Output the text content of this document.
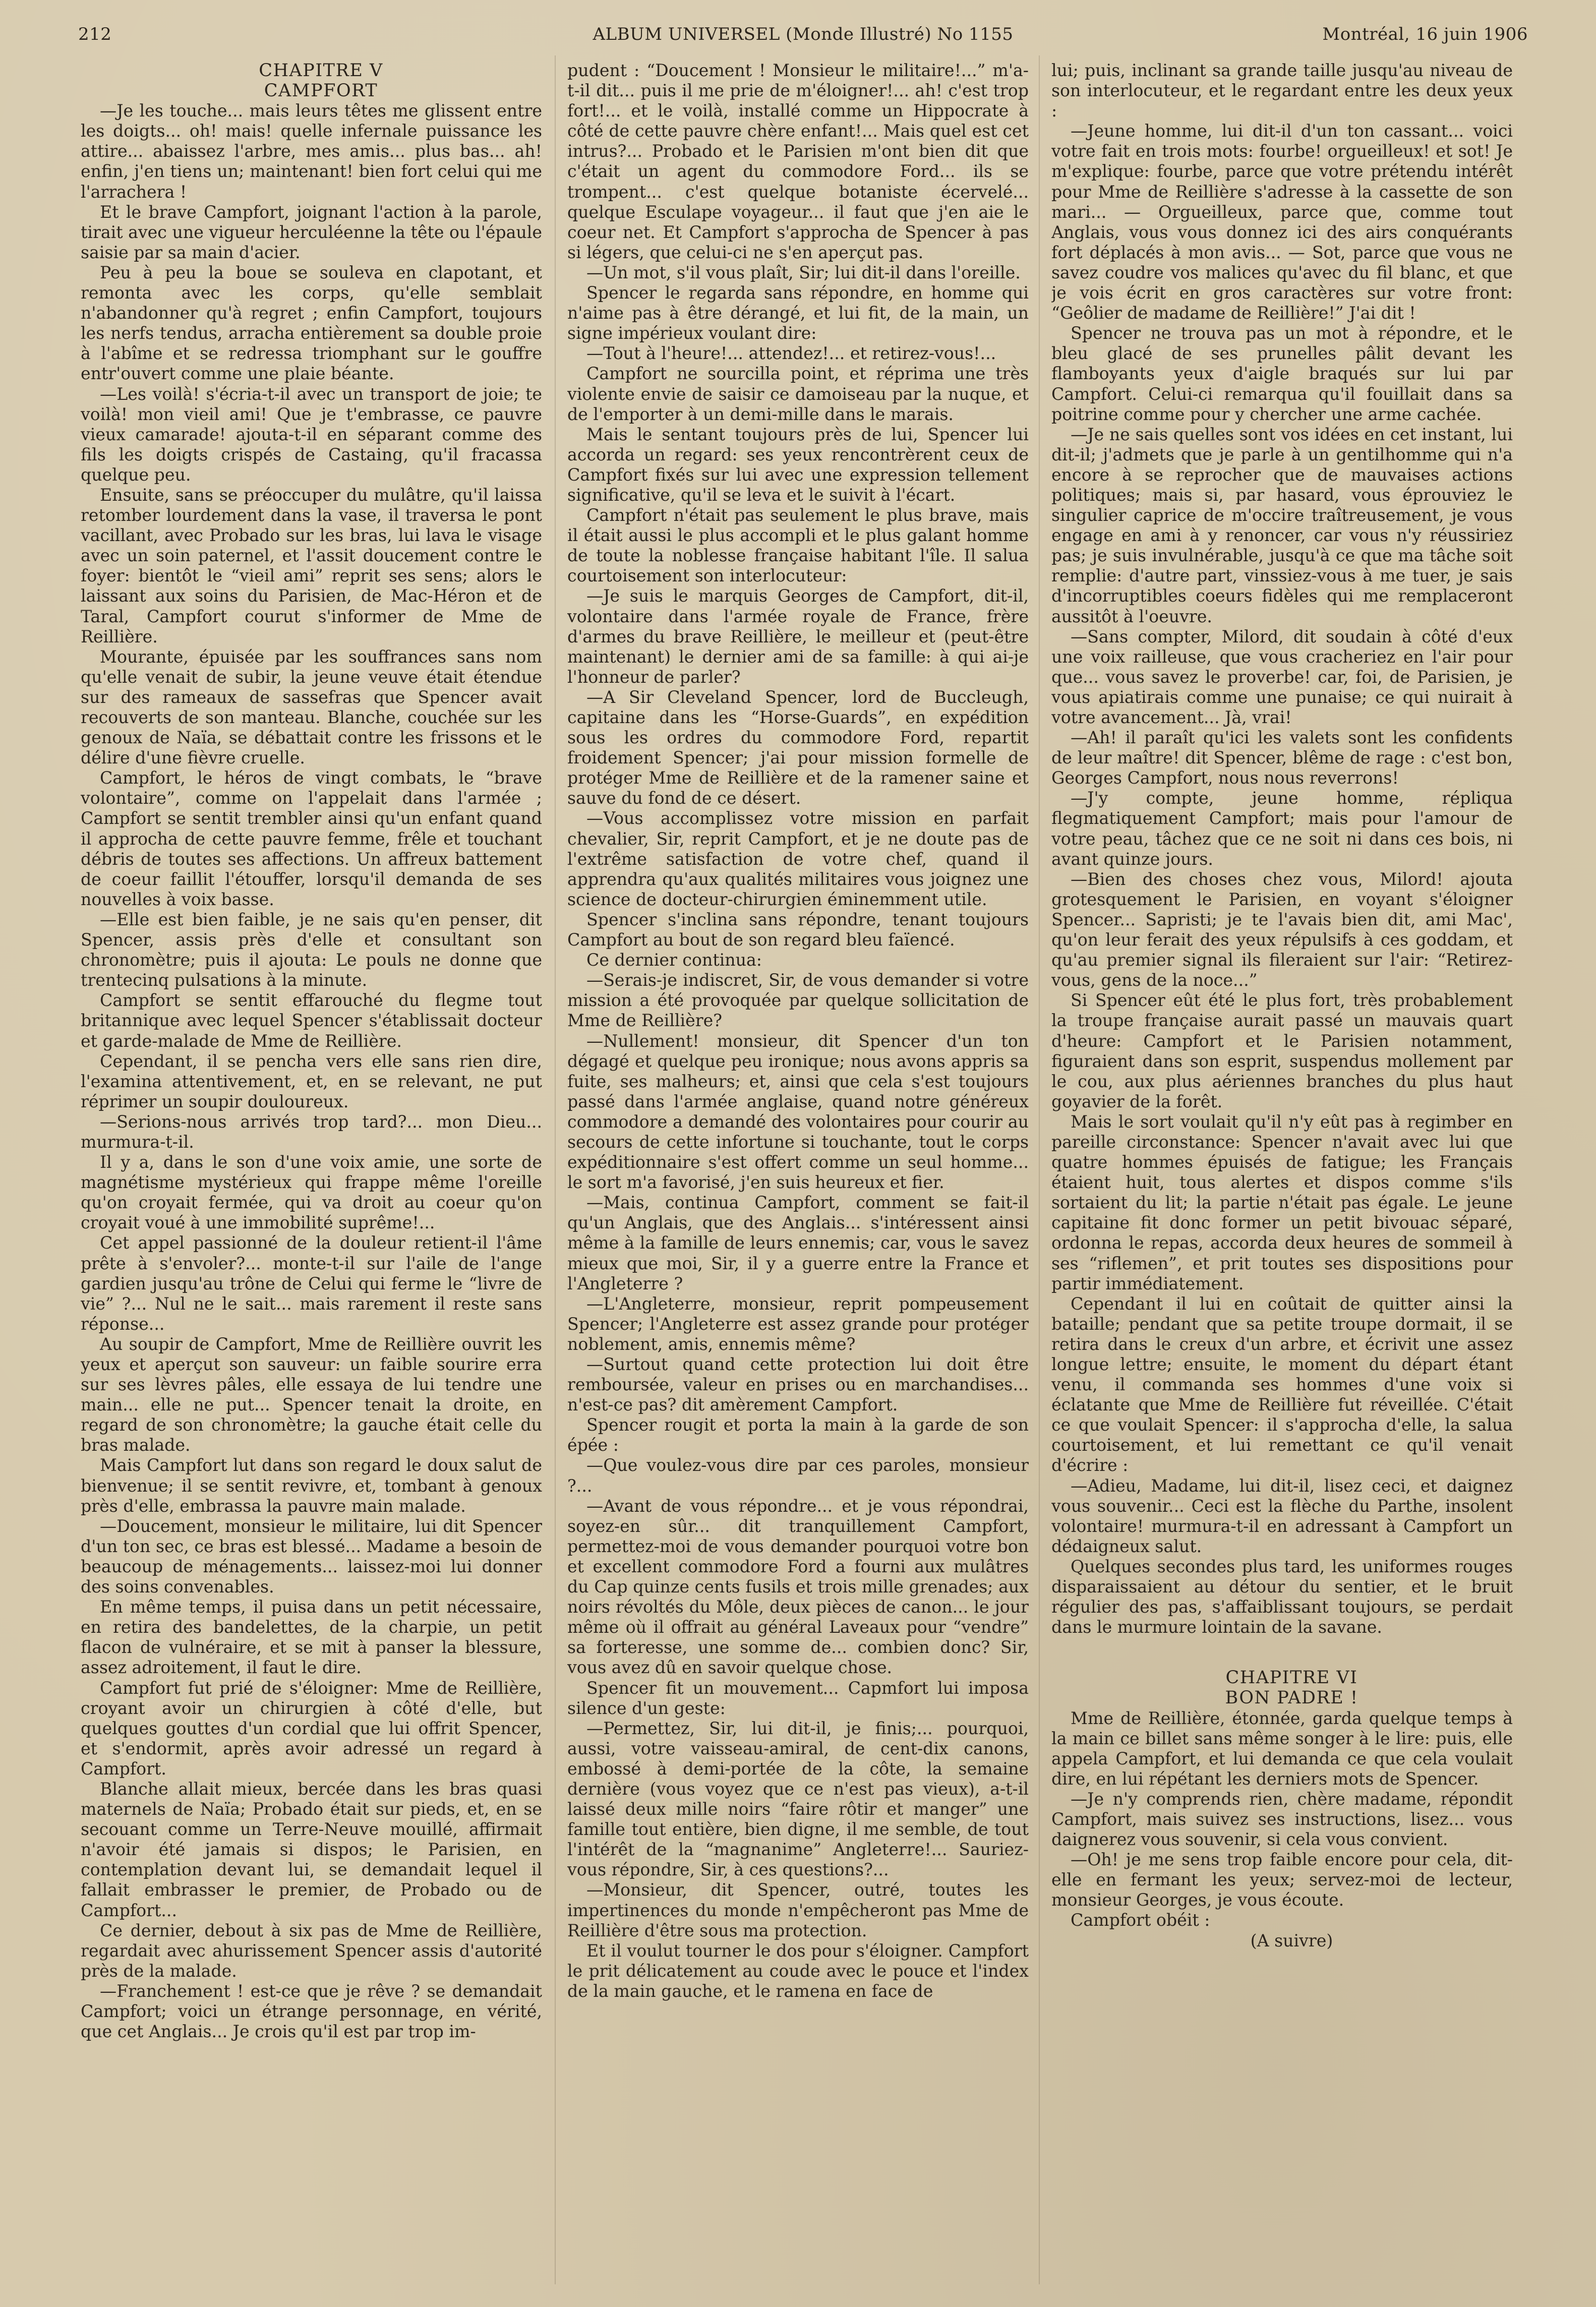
212	ALBUM UNIVERSEL (Monde Illustré) No 1155	Montréal, 16 juin 1906

CHAPITRE V

CAMPFORT

—Je les touche... mais leurs têtes me glissent entre les doigts... oh! mais! quelle infernale puissance les attire... abaissez l'arbre, mes amis... plus bas... ah! enfin, j'en tiens un; maintenant! bien fort celui qui me l'arrachera !

Et le brave Campfort, joignant l'action à la parole, tirait avec une vigueur herculéenne la tête ou l'épaule saisie par sa main d'acier.

Peu à peu la boue se souleva en clapotant, et remonta avec les corps, qu'elle semblait n'abandonner qu'à regret ; enfin Campfort, toujours les nerfs tendus, arracha entièrement sa double proie à l'abîme et se redressa triomphant sur le gouffre entr'ouvert comme une plaie béante.

—Les voilà! s'écria-t-il avec un transport de joie; te voilà! mon vieil ami! Que je t'embrasse, ce pauvre vieux camarade! ajouta-t-il en séparant comme des fils les doigts crispés de Castaing, qu'il fracassa quelque peu.

Ensuite, sans se préoccuper du mulâtre, qu'il laissa retomber lourdement dans la vase, il traversa le pont vacillant, avec Probado sur les bras, lui lava le visage avec un soin paternel, et l'assit doucement contre le foyer: bientôt le “vieil ami” reprit ses sens; alors le laissant aux soins du Parisien, de Mac-Héron et de Taral, Campfort courut s'informer de Mme de Reillière.

Mourante, épuisée par les souffrances sans nom qu'elle venait de subir, la jeune veuve était étendue sur des rameaux de sassefras que Spencer avait recouverts de son manteau. Blanche, couchée sur les genoux de Naïa, se débattait contre les frissons et le délire d'une fièvre cruelle.

Campfort, le héros de vingt combats, le “brave volontaire”, comme on l'appelait dans l'armée ; Campfort se sentit trembler ainsi qu'un enfant quand il approcha de cette pauvre femme, frêle et touchant débris de toutes ses affections. Un affreux battement de coeur faillit l'étouffer, lorsqu'il demanda de ses nouvelles à voix basse.

—Elle est bien faible, je ne sais qu'en penser, dit Spencer, assis près d'elle et consultant son chronomètre; puis il ajouta: Le pouls ne donne que trentecinq pulsations à la minute.

Campfort se sentit effarouché du flegme tout britannique avec lequel Spencer s'établissait docteur et garde-malade de Mme de Reillière.

Cependant, il se pencha vers elle sans rien dire, l'examina attentivement, et, en se relevant, ne put réprimer un soupir douloureux.

—Serions-nous arrivés trop tard?... mon Dieu... murmura-t-il.

Il y a, dans le son d'une voix amie, une sorte de magnétisme mystérieux qui frappe même l'oreille qu'on croyait fermée, qui va droit au coeur qu'on croyait voué à une immobilité suprême!...

Cet appel passionné de la douleur retient-il l'âme prête à s'envoler?... monte-t-il sur l'aile de l'ange gardien jusqu'au trône de Celui qui ferme le “livre de vie” ?... Nul ne le sait... mais rarement il reste sans réponse...

Au soupir de Campfort, Mme de Reillière ouvrit les yeux et aperçut son sauveur: un faible sourire erra sur ses lèvres pâles, elle essaya de lui tendre une main... elle ne put... Spencer tenait la droite, en regard de son chronomètre; la gauche était celle du bras malade.

Mais Campfort lut dans son regard le doux salut de bienvenue; il se sentit revivre, et, tombant à genoux près d'elle, embrassa la pauvre main malade.

—Doucement, monsieur le militaire, lui dit Spencer d'un ton sec, ce bras est blessé... Madame a besoin de beaucoup de ménagements... laissez-moi lui donner des soins convenables.

En même temps, il puisa dans un petit nécessaire, en retira des bandelettes, de la charpie, un petit flacon de vulnéraire, et se mit à panser la blessure, assez adroitement, il faut le dire.

Campfort fut prié de s'éloigner: Mme de Reillière, croyant avoir un chirurgien à côté d'elle, but quelques gouttes d'un cordial que lui offrit Spencer, et s'endormit, après avoir adressé un regard à Campfort.

Blanche allait mieux, bercée dans les bras quasi maternels de Naïa; Probado était sur pieds, et, en se secouant comme un Terre-Neuve mouillé, affirmait n'avoir été jamais si dispos; le Parisien, en contemplation devant lui, se demandait lequel il fallait embrasser le premier, de Probado ou de Campfort...

Ce dernier, debout à six pas de Mme de Reillière, regardait avec ahurissement Spencer assis d'autorité près de la malade.

—Franchement ! est-ce que je rêve ? se demandait Campfort; voici un étrange personnage, en vérité, que cet Anglais... Je crois qu'il est par trop im-

pudent : “Doucement ! Monsieur le militaire!...” m'a-t-il dit... puis il me prie de m'éloigner!... ah! c'est trop fort!... et le voilà, installé comme un Hippocrate à côté de cette pauvre chère enfant!... Mais quel est cet intrus?... Probado et le Parisien m'ont bien dit que c'était un agent du commodore Ford... ils se trompent... c'est quelque botaniste écervelé... quelque Esculape voyageur... il faut que j'en aie le coeur net. Et Campfort s'approcha de Spencer à pas si légers, que celui-ci ne s'en aperçut pas.

—Un mot, s'il vous plaît, Sir; lui dit-il dans l'oreille.

Spencer le regarda sans répondre, en homme qui n'aime pas à être dérangé, et lui fit, de la main, un signe impérieux voulant dire:

—Tout à l'heure!... attendez!... et retirez-vous!...

Campfort ne sourcilla point, et réprima une très violente envie de saisir ce damoiseau par la nuque, et de l'emporter à un demi-mille dans le marais.

Mais le sentant toujours près de lui, Spencer lui accorda un regard: ses yeux rencontrèrent ceux de Campfort fixés sur lui avec une expression tellement significative, qu'il se leva et le suivit à l'écart.

Campfort n'était pas seulement le plus brave, mais il était aussi le plus accompli et le plus galant homme de toute la noblesse française habitant l'île. Il salua courtoisement son interlocuteur:

—Je suis le marquis Georges de Campfort, dit-il, volontaire dans l'armée royale de France, frère d'armes du brave Reillière, le meilleur et (peut-être maintenant) le dernier ami de sa famille: à qui ai-je l'honneur de parler?

—A Sir Cleveland Spencer, lord de Buccleugh, capitaine dans les “Horse-Guards”, en expédition sous les ordres du commodore Ford, repartit froidement Spencer; j'ai pour mission formelle de protéger Mme de Reillière et de la ramener saine et sauve du fond de ce désert.

—Vous accomplissez votre mission en parfait chevalier, Sir, reprit Campfort, et je ne doute pas de l'extrême satisfaction de votre chef, quand il apprendra qu'aux qualités militaires vous joignez une science de docteur-chirurgien éminemment utile.

Spencer s'inclina sans répondre, tenant toujours Campfort au bout de son regard bleu faïencé.

Ce dernier continua:

—Serais-je indiscret, Sir, de vous demander si votre mission a été provoquée par quelque sollicitation de Mme de Reillière?

—Nullement! monsieur, dit Spencer d'un ton dégagé et quelque peu ironique; nous avons appris sa fuite, ses malheurs; et, ainsi que cela s'est toujours passé dans l'armée anglaise, quand notre généreux commodore a demandé des volontaires pour courir au secours de cette infortune si touchante, tout le corps expéditionnaire s'est offert comme un seul homme... le sort m'a favorisé, j'en suis heureux et fier.

—Mais, continua Campfort, comment se fait-il qu'un Anglais, que des Anglais... s'intéressent ainsi même à la famille de leurs ennemis; car, vous le savez mieux que moi, Sir, il y a guerre entre la France et l'Angleterre ?

—L'Angleterre, monsieur, reprit pompeusement Spencer; l'Angleterre est assez grande pour protéger noblement, amis, ennemis même?

—Surtout quand cette protection lui doit être remboursée, valeur en prises ou en marchandises... n'est-ce pas? dit amèrement Campfort.

Spencer rougit et porta la main à la garde de son épée :

—Que voulez-vous dire par ces paroles, monsieur ?...

—Avant de vous répondre... et je vous répondrai, soyez-en sûr... dit tranquillement Campfort, permettez-moi de vous demander pourquoi votre bon et excellent commodore Ford a fourni aux mulâtres du Cap quinze cents fusils et trois mille grenades; aux noirs révoltés du Môle, deux pièces de canon... le jour même où il offrait au général Laveaux pour “vendre” sa forteresse, une somme de... combien donc? Sir, vous avez dû en savoir quelque chose.

Spencer fit un mouvement... Capmfort lui imposa silence d'un geste:

—Permettez, Sir, lui dit-il, je finis;... pourquoi, aussi, votre vaisseau-amiral, de cent-dix canons, embossé à demi-portée de la côte, la semaine dernière (vous voyez que ce n'est pas vieux), a-t-il laissé deux mille noirs “faire rôtir et manger” une famille tout entière, bien digne, il me semble, de tout l'intérêt de la “magnanime” Angleterre!... Sauriez-vous répondre, Sir, à ces questions?...

—Monsieur, dit Spencer, outré, toutes les impertinences du monde n'empêcheront pas Mme de Reillière d'être sous ma protection.

Et il voulut tourner le dos pour s'éloigner. Campfort le prit délicatement au coude avec le pouce et l'index de la main gauche, et le ramena en face de

lui; puis, inclinant sa grande taille jusqu'au niveau de son interlocuteur, et le regardant entre les deux yeux :

—Jeune homme, lui dit-il d'un ton cassant... voici votre fait en trois mots: fourbe! orgueilleux! et sot! Je m'explique: fourbe, parce que votre prétendu intérêt pour Mme de Reillière s'adresse à la cassette de son mari... — Orgueilleux, parce que, comme tout Anglais, vous vous donnez ici des airs conquérants fort déplacés à mon avis... — Sot, parce que vous ne savez coudre vos malices qu'avec du fil blanc, et que je vois écrit en gros caractères sur votre front: “Geôlier de madame de Reillière!” J'ai dit !

Spencer ne trouva pas un mot à répondre, et le bleu glacé de ses prunelles pâlit devant les flamboyants yeux d'aigle braqués sur lui par Campfort. Celui-ci remarqua qu'il fouillait dans sa poitrine comme pour y chercher une arme cachée.

—Je ne sais quelles sont vos idées en cet instant, lui dit-il; j'admets que je parle à un gentilhomme qui n'a encore à se reprocher que de mauvaises actions politiques; mais si, par hasard, vous éprouviez le singulier caprice de m'occire traîtreusement, je vous engage en ami à y renoncer, car vous n'y réussiriez pas; je suis invulnérable, jusqu'à ce que ma tâche soit remplie: d'autre part, vinssiez-vous à me tuer, je sais d'incorruptibles coeurs fidèles qui me remplaceront aussitôt à l'oeuvre.

—Sans compter, Milord, dit soudain à côté d'eux une voix railleuse, que vous cracheriez en l'air pour que... vous savez le proverbe! car, foi, de Parisien, je vous apiatirais comme une punaise; ce qui nuirait à votre avancement... Jà, vrai!

—Ah! il paraît qu'ici les valets sont les confidents de leur maître! dit Spencer, blême de rage : c'est bon, Georges Campfort, nous nous reverrons!

—J'y compte, jeune homme, répliqua flegmatiquement Campfort; mais pour l'amour de votre peau, tâchez que ce ne soit ni dans ces bois, ni avant quinze jours.

—Bien des choses chez vous, Milord! ajouta grotesquement le Parisien, en voyant s'éloigner Spencer... Sapristi; je te l'avais bien dit, ami Mac', qu'on leur ferait des yeux répulsifs à ces goddam, et qu'au premier signal ils fileraient sur l'air: “Retirez-vous, gens de la noce...”

Si Spencer eût été le plus fort, très probablement la troupe française aurait passé un mauvais quart d'heure: Campfort et le Parisien notamment, figuraient dans son esprit, suspendus mollement par le cou, aux plus aériennes branches du plus haut goyavier de la forêt.

Mais le sort voulait qu'il n'y eût pas à regimber en pareille circonstance: Spencer n'avait avec lui que quatre hommes épuisés de fatigue; les Français étaient huit, tous alertes et dispos comme s'ils sortaient du lit; la partie n'était pas égale. Le jeune capitaine fit donc former un petit bivouac séparé, ordonna le repas, accorda deux heures de sommeil à ses “riflemen”, et prit toutes ses dispositions pour partir immédiatement.

Cependant il lui en coûtait de quitter ainsi la bataille; pendant que sa petite troupe dormait, il se retira dans le creux d'un arbre, et écrivit une assez longue lettre; ensuite, le moment du départ étant venu, il commanda ses hommes d'une voix si éclatante que Mme de Reillière fut réveillée. C'était ce que voulait Spencer: il s'approcha d'elle, la salua courtoisement, et lui remettant ce qu'il venait d'écrire :

—Adieu, Madame, lui dit-il, lisez ceci, et daignez vous souvenir... Ceci est la flèche du Parthe, insolent volontaire! murmura-t-il en adressant à Campfort un dédaigneux salut.

Quelques secondes plus tard, les uniformes rouges disparaissaient au détour du sentier, et le bruit régulier des pas, s'affaiblissant toujours, se perdait dans le murmure lointain de la savane.

CHAPITRE VI

BON PADRE !

Mme de Reillière, étonnée, garda quelque temps à la main ce billet sans même songer à le lire: puis, elle appela Campfort, et lui demanda ce que cela voulait dire, en lui répétant les derniers mots de Spencer.

—Je n'y comprends rien, chère madame, répondit Campfort, mais suivez ses instructions, lisez... vous daignerez vous souvenir, si cela vous convient.

—Oh! je me sens trop faible encore pour cela, dit-elle en fermant les yeux; servez-moi de lecteur, monsieur Georges, je vous écoute.

Campfort obéit :

(A suivre)
